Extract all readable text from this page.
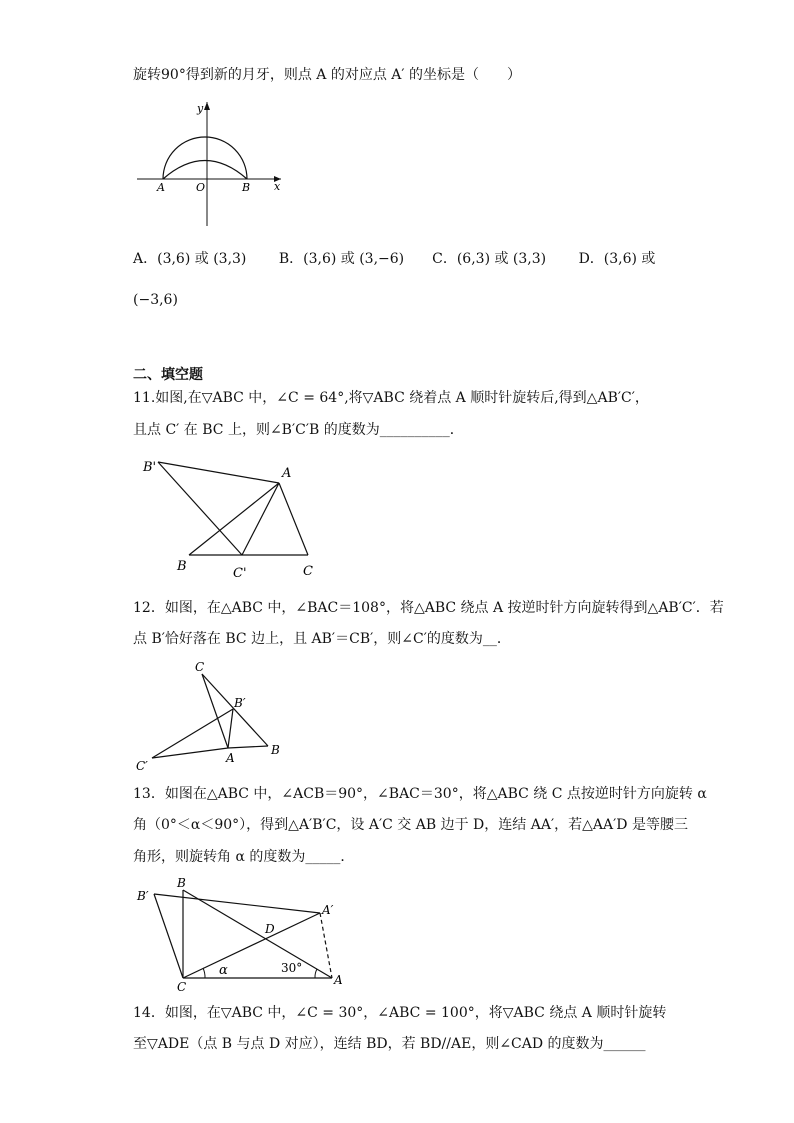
旋转90°得到新的月牙，则点 A 的对应点 A′ 的坐标是（　　）
y
x
A	O	B
A．(3,6) 或 (3,3)　　 B．(3,6) 或 (3,−6)　　C．(6,3) 或 (3,3)　　 D．(3,6) 或
(−3,6)
二、填空题
11.如图,在▽ABC 中，∠C = 64°,将▽ABC 绕着点 A 顺时针旋转后,得到△AB′C′，
且点 C′ 在 BC 上，则∠B′C′B 的度数为__________．
B'	A
B	C'	C
12．如图，在△ABC 中，∠BAC＝108°，将△ABC 绕点 A 按逆时针方向旋转得到△AB′C′．若
点 B′恰好落在 BC 边上，且 AB′＝CB′，则∠C′的度数为__．
C
B′
A
B
C′
13．如图在△ABC 中，∠ACB＝90°，∠BAC＝30°，将△ABC 绕 C 点按逆时针方向旋转 α
角（0°＜α＜90°），得到△A′B′C，设 A′C 交 AB 边于 D，连结 AA′，若△AA′D 是等腰三
角形，则旋转角 α 的度数为_____．
B′
B
A′
D
C
α	30°
A
14．如图，在▽ABC 中，∠C = 30°，∠ABC = 100°，将▽ABC 绕点 A 顺时针旋转
至▽ADE（点 B 与点 D 对应），连结 BD，若 BD//AE，则∠CAD 的度数为______
